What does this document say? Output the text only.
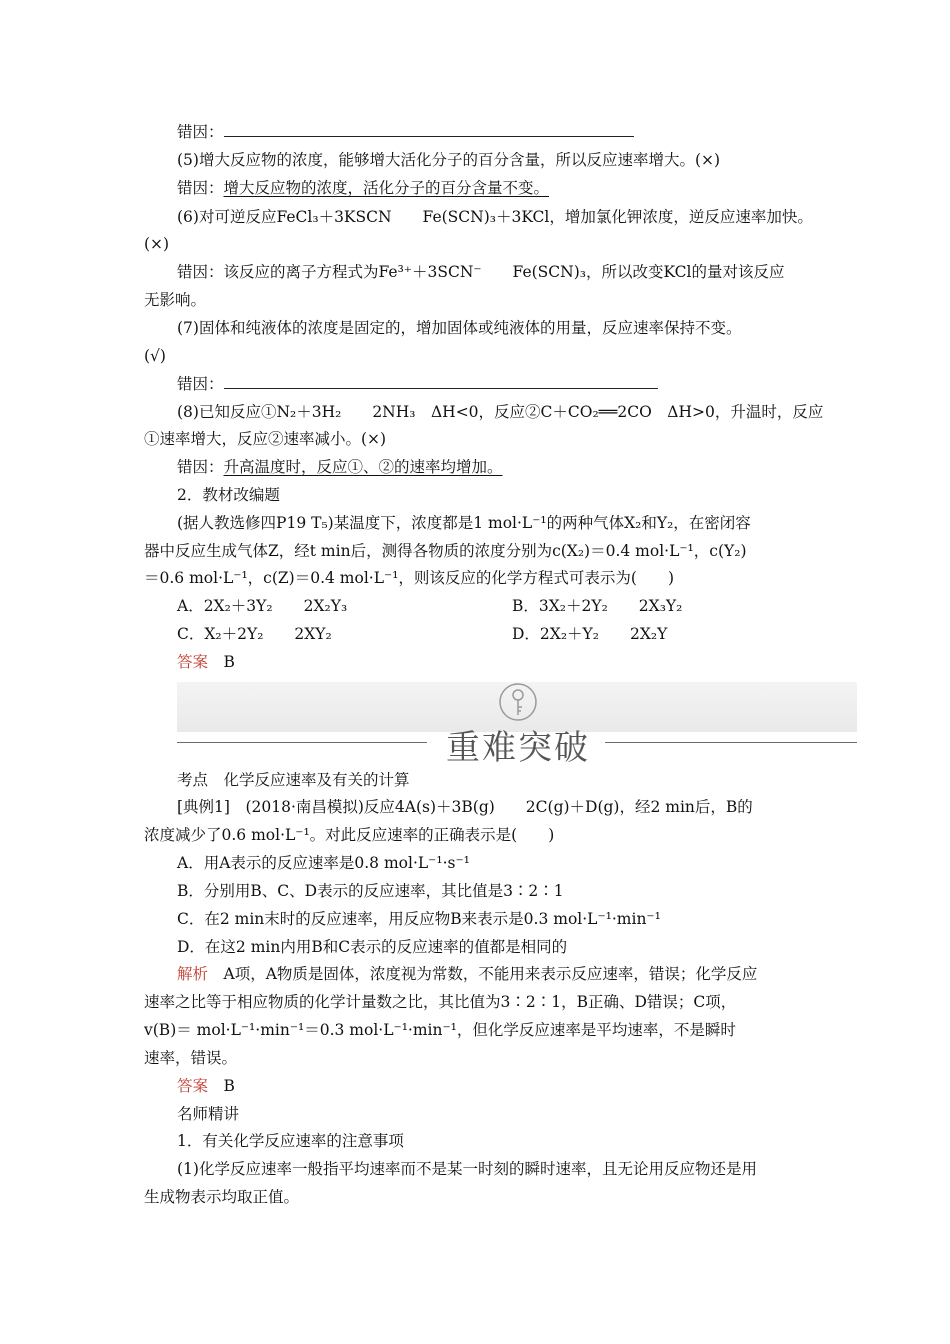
错因：
(5)增大反应物的浓度，能够增大活化分子的百分含量，所以反应速率增大。(×)
错因：增大反应物的浓度，活化分子的百分含量不变。
(6)对可逆反应FeCl₃＋3KSCN　　Fe(SCN)₃＋3KCl，增加氯化钾浓度，逆反应速率加快。
(×)
错因：该反应的离子方程式为Fe³⁺＋3SCN⁻　　Fe(SCN)₃，所以改变KCl的量对该反应
无影响。
(7)固体和纯液体的浓度是固定的，增加固体或纯液体的用量，反应速率保持不变。
(√)
错因：
(8)已知反应①N₂＋3H₂　　2NH₃　ΔH<0，反应②C＋CO₂══2CO　ΔH>0，升温时，反应
①速率增大，反应②速率减小。(×)
错因：升高温度时，反应①、②的速率均增加。
2．教材改编题
(据人教选修四P19 T₅)某温度下，浓度都是1 mol·L⁻¹的两种气体X₂和Y₂，在密闭容
器中反应生成气体Z，经t min后，测得各物质的浓度分别为c(X₂)＝0.4 mol·L⁻¹，c(Y₂)
＝0.6 mol·L⁻¹，c(Z)＝0.4 mol·L⁻¹，则该反应的化学方程式可表示为(　　)
A．2X₂＋3Y₂　　2X₂Y₃	B．3X₂＋2Y₂　　2X₃Y₂
C．X₂＋2Y₂　　2XY₂	D．2X₂＋Y₂　　2X₂Y
答案　 B
重难突破
考点　化学反应速率及有关的计算
[典例1]　(2018·南昌模拟)反应4A(s)＋3B(g)　　2C(g)＋D(g)，经2 min后，B的
浓度减少了0.6 mol·L⁻¹。对此反应速率的正确表示是(　　)
A．用A表示的反应速率是0.8 mol·L⁻¹·s⁻¹
B．分别用B、C、D表示的反应速率，其比值是3∶2∶1
C．在2 min末时的反应速率，用反应物B来表示是0.3 mol·L⁻¹·min⁻¹
D．在这2 min内用B和C表示的反应速率的值都是相同的
解析　 A项，A物质是固体，浓度视为常数，不能用来表示反应速率，错误；化学反应
速率之比等于相应物质的化学计量数之比，其比值为3∶2∶1，B正确、D错误；C项，
v(B)＝ mol·L⁻¹·min⁻¹＝0.3 mol·L⁻¹·min⁻¹，但化学反应速率是平均速率，不是瞬时
速率，错误。
答案　 B
名师精讲
1．有关化学反应速率的注意事项
(1)化学反应速率一般指平均速率而不是某一时刻的瞬时速率，且无论用反应物还是用
生成物表示均取正值。
